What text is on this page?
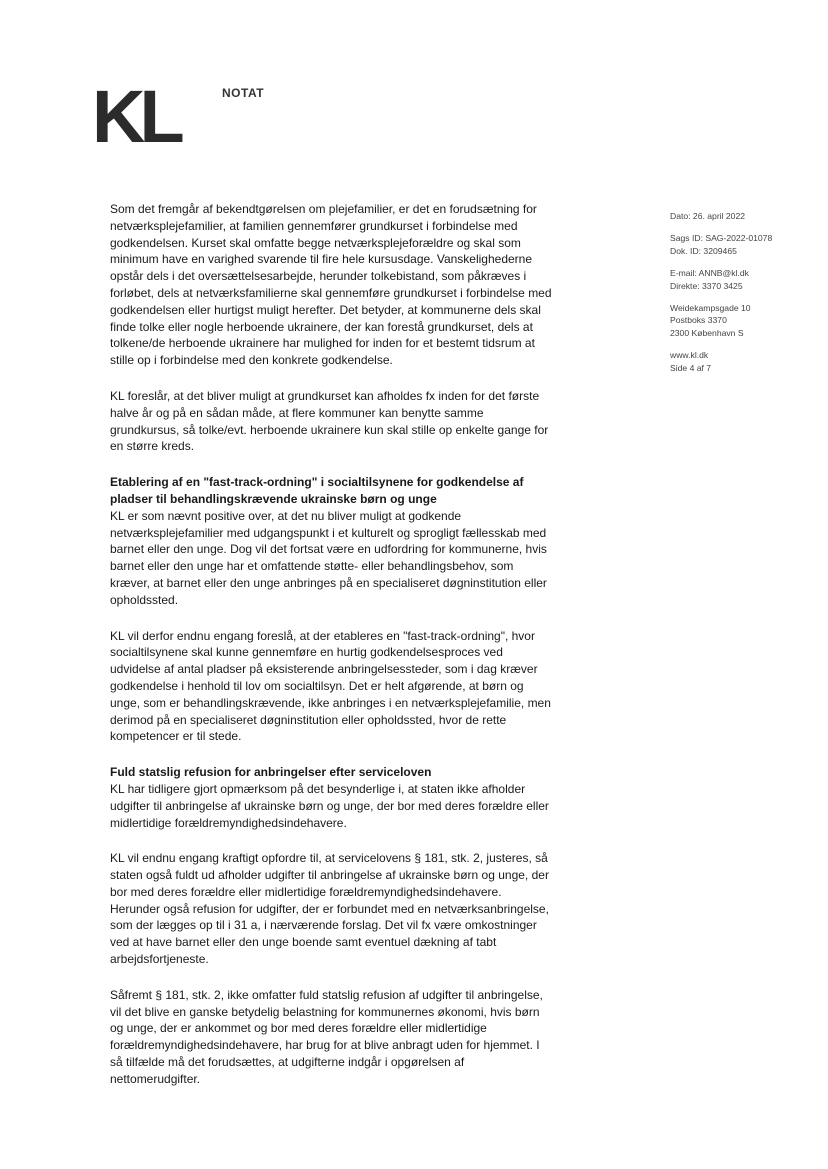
KL	NOTAT
Dato: 26. april 2022
Sags ID: SAG-2022-01078
Dok. ID: 3209465
E-mail: ANNB@kl.dk
Direkte: 3370 3425
Weidekampsgade 10
Postboks 3370
2300 København S
www.kl.dk
Side 4 af 7

Som det fremgår af bekendtgørelsen om plejefamilier, er det en forudsætning for netværksplejefamilier, at familien gennemfører grundkurset i forbindelse med godkendelsen. Kurset skal omfatte begge netværksplejeforældre og skal som minimum have en varighed svarende til fire hele kursusdage. Vanskelighederne opstår dels i det oversættelsesarbejde, herunder tolkebistand, som påkræves i forløbet, dels at netværksfamilierne skal gennemføre grundkurset i forbindelse med godkendelsen eller hurtigst muligt herefter. Det betyder, at kommunerne dels skal finde tolke eller nogle herboende ukrainere, der kan forestå grundkurset, dels at tolkene/de herboende ukrainere har mulighed for inden for et bestemt tidsrum at stille op i forbindelse med den konkrete godkendelse.

KL foreslår, at det bliver muligt at grundkurset kan afholdes fx inden for det første halve år og på en sådan måde, at flere kommuner kan benytte samme grundkursus, så tolke/evt. herboende ukrainere kun skal stille op enkelte gange for en større kreds.

Etablering af en "fast-track-ordning" i socialtilsynene for godkendelse af pladser til behandlingskrævende ukrainske børn og unge

KL er som nævnt positive over, at det nu bliver muligt at godkende netværksplejefamilier med udgangspunkt i et kulturelt og sprogligt fællesskab med barnet eller den unge. Dog vil det fortsat være en udfordring for kommunerne, hvis barnet eller den unge har et omfattende støtte- eller behandlingsbehov, som kræver, at barnet eller den unge anbringes på en specialiseret døgninstitution eller opholdssted.

KL vil derfor endnu engang foreslå, at der etableres en "fast-track-ordning", hvor socialtilsynene skal kunne gennemføre en hurtig godkendelsesproces ved udvidelse af antal pladser på eksisterende anbringelsessteder, som i dag kræver godkendelse i henhold til lov om socialtilsyn. Det er helt afgørende, at børn og unge, som er behandlingskrævende, ikke anbringes i en netværksplejefamilie, men derimod på en specialiseret døgninstitution eller opholdssted, hvor de rette kompetencer er til stede.

Fuld statslig refusion for anbringelser efter serviceloven

KL har tidligere gjort opmærksom på det besynderlige i, at staten ikke afholder udgifter til anbringelse af ukrainske børn og unge, der bor med deres forældre eller midlertidige forældremyndighedsindehavere.

KL vil endnu engang kraftigt opfordre til, at servicelovens § 181, stk. 2, justeres, så staten også fuldt ud afholder udgifter til anbringelse af ukrainske børn og unge, der bor med deres forældre eller midlertidige forældremyndighedsindehavere. Herunder også refusion for udgifter, der er forbundet med en netværksanbringelse, som der lægges op til i 31 a, i nærværende forslag. Det vil fx være omkostninger ved at have barnet eller den unge boende samt eventuel dækning af tabt arbejdsfortjeneste.

Såfremt § 181, stk. 2, ikke omfatter fuld statslig refusion af udgifter til anbringelse, vil det blive en ganske betydelig belastning for kommunernes økonomi, hvis børn og unge, der er ankommet og bor med deres forældre eller midlertidige forældremyndighedsindehavere, har brug for at blive anbragt uden for hjemmet. I så tilfælde må det forudsættes, at udgifterne indgår i opgørelsen af nettomerudgifter.
